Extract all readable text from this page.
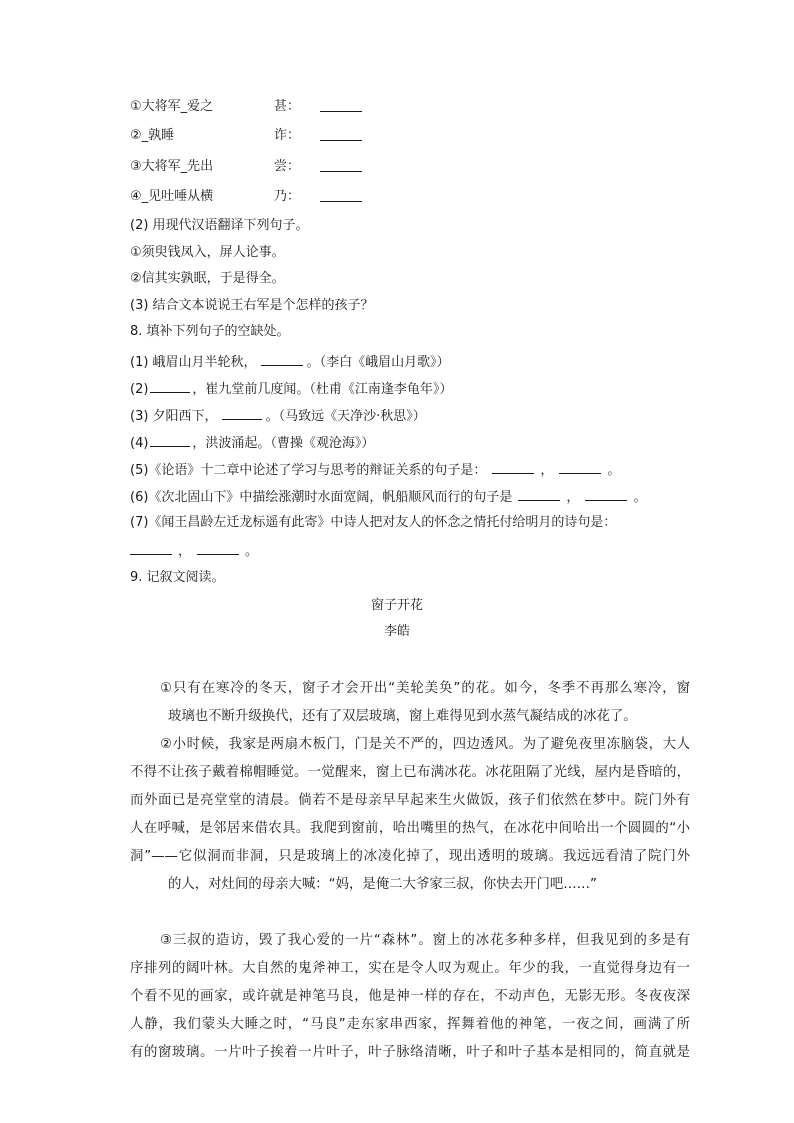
①大将军_爱之	甚：
②_孰睡	诈：
③大将军_先出	尝：
④_见吐唾从横	乃：
(2) 用现代汉语翻译下列句子。
①须臾钱凤入，屏人论事。
②信其实孰眠，于是得全。
(3) 结合文本说说王右军是个怎样的孩子？
8. 填补下列句子的空缺处。
(1) 峨眉山月半轮秋，	。（李白《峨眉山月歌》）
(2)	，崔九堂前几度闻。（杜甫《江南逢李龟年》）
(3) 夕阳西下，	。（马致远《天净沙·秋思》）
(4)	，洪波涌起。（曹操《观沧海》）
(5)《论语》十二章中论述了学习与思考的辩证关系的句子是：	，	。
(6)《次北固山下》中描绘涨潮时水面宽阔，帆船顺风而行的句子是	，	。
(7)《闻王昌龄左迁龙标遥有此寄》中诗人把对友人的怀念之情托付给明月的诗句是：
，	。
9. 记叙文阅读。
窗子开花
李皓
①只有在寒冷的冬天，窗子才会开出“美轮美奂”的花。如今，冬季不再那么寒冷，窗
玻璃也不断升级换代，还有了双层玻璃，窗上难得见到水蒸气凝结成的冰花了。
②小时候，我家是两扇木板门，门是关不严的，四边透风。为了避免夜里冻脑袋，大人
不得不让孩子戴着棉帽睡觉。一觉醒来，窗上已布满冰花。冰花阻隔了光线，屋内是昏暗的，
而外面已是亮堂堂的清晨。倘若不是母亲早早起来生火做饭，孩子们依然在梦中。院门外有
人在呼喊，是邻居来借农具。我爬到窗前，哈出嘴里的热气，在冰花中间哈出一个圆圆的“小
洞”——它似洞而非洞，只是玻璃上的冰凌化掉了，现出透明的玻璃。我远远看清了院门外
的人，对灶间的母亲大喊：“妈，是俺二大爷家三叔，你快去开门吧……”
③三叔的造访，毁了我心爱的一片“森林”。窗上的冰花多种多样，但我见到的多是有
序排列的阔叶林。大自然的鬼斧神工，实在是令人叹为观止。年少的我，一直觉得身边有一
个看不见的画家，或许就是神笔马良，他是神一样的存在，不动声色，无影无形。冬夜夜深
人静，我们蒙头大睡之时，“马良”走东家串西家，挥舞着他的神笔，一夜之间，画满了所
有的窗玻璃。一片叶子挨着一片叶子，叶子脉络清晰，叶子和叶子基本是相同的，简直就是
